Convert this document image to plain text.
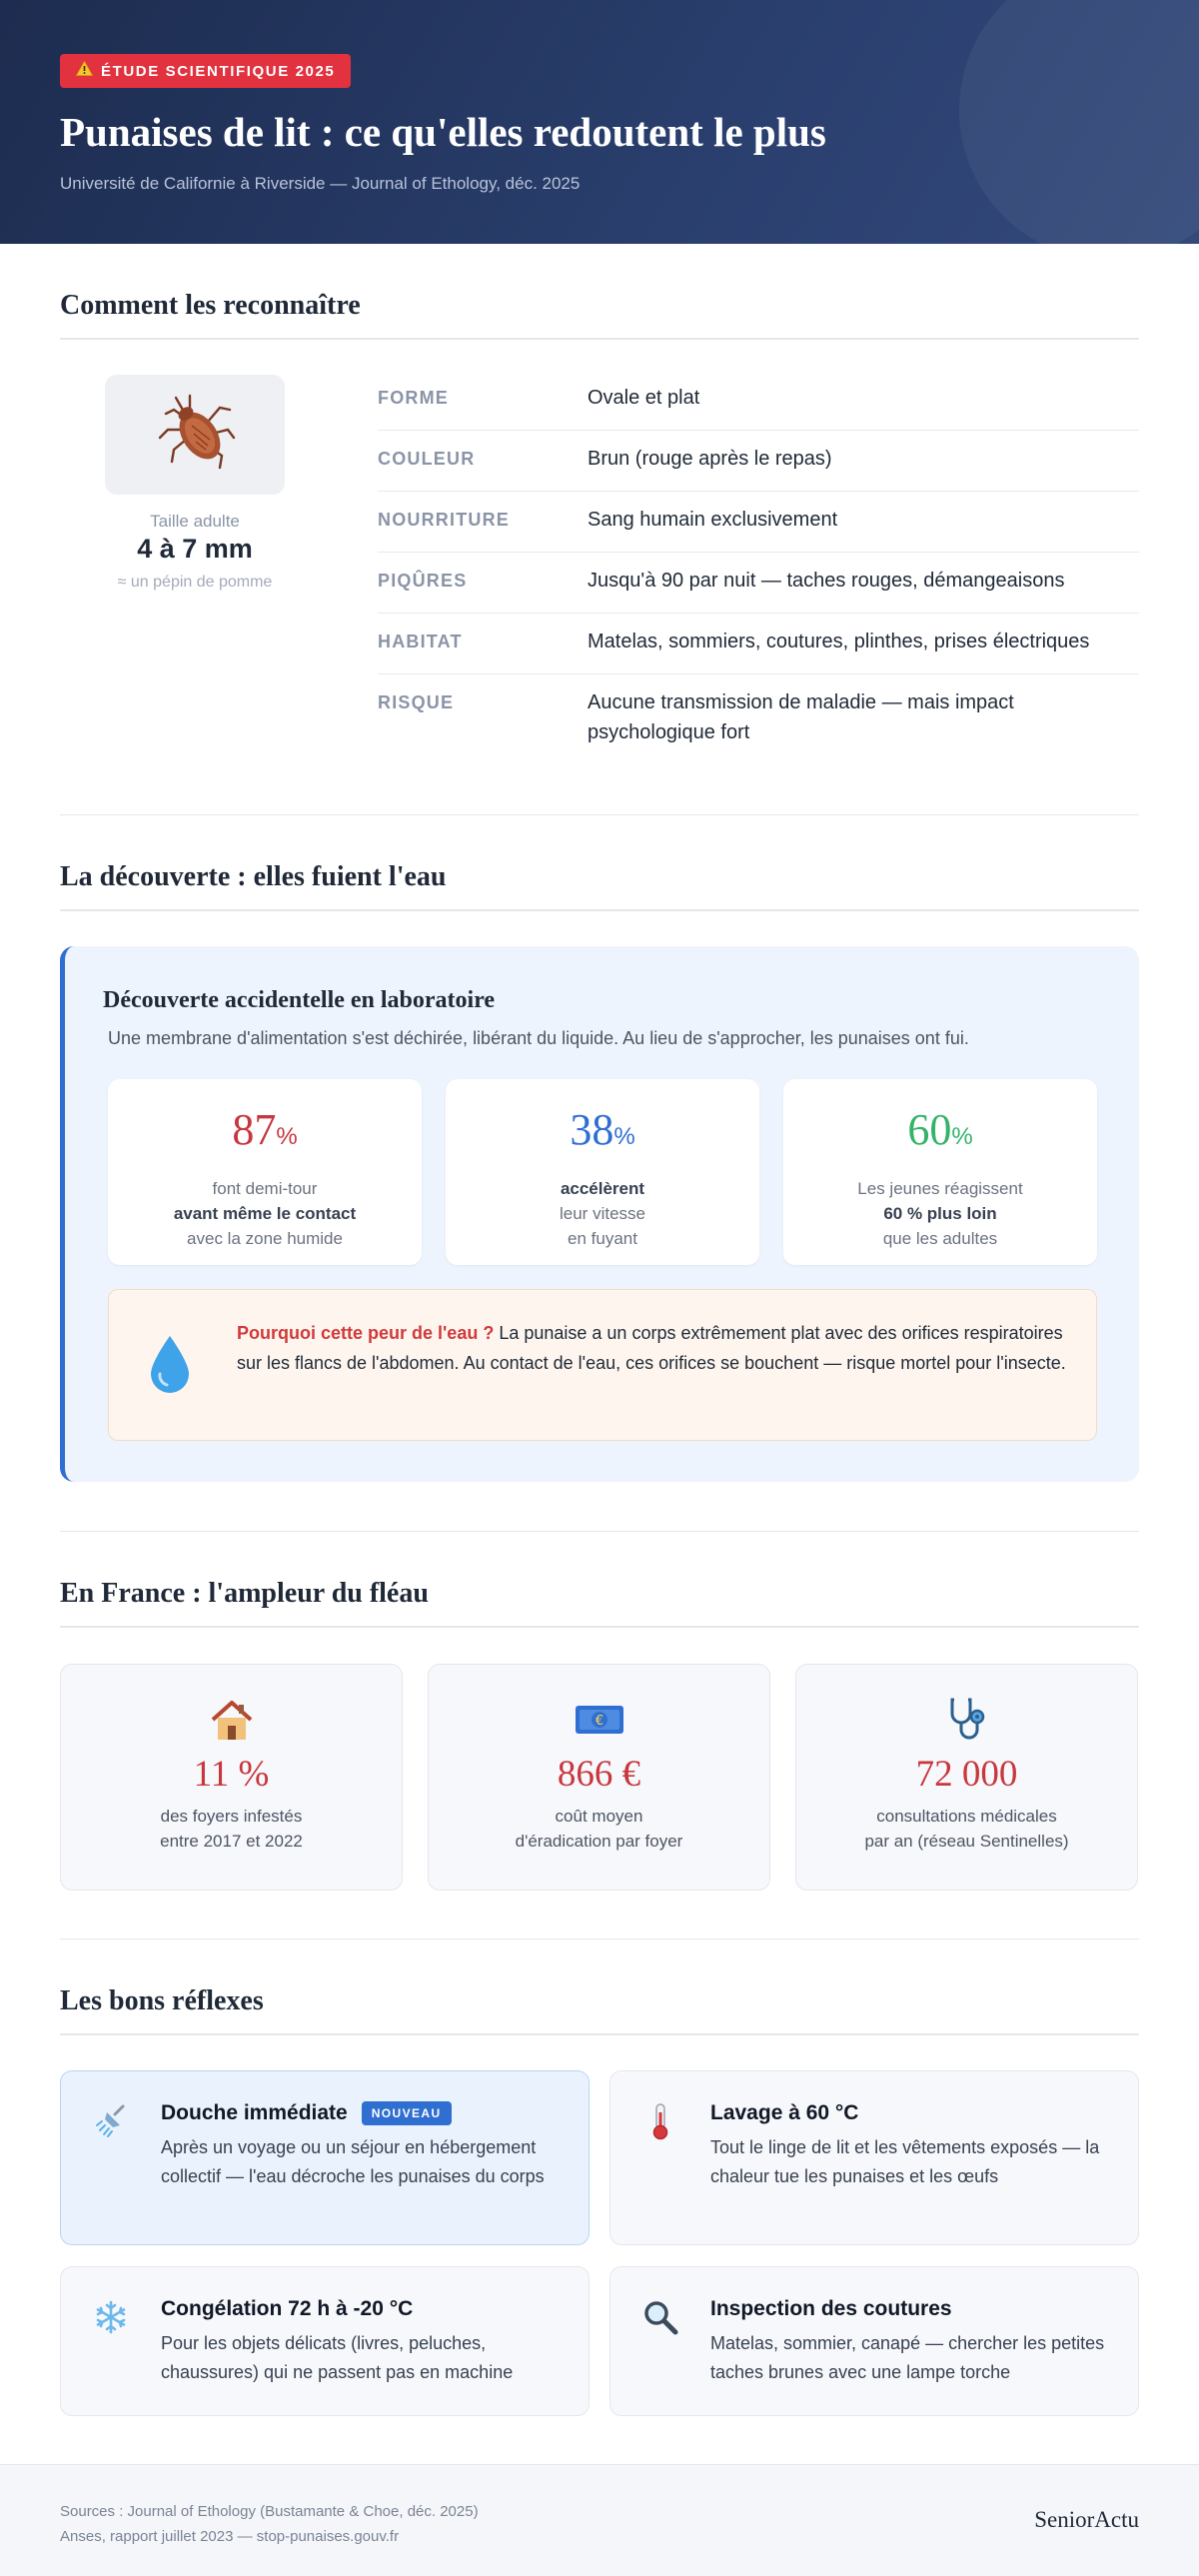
ÉTUDE SCIENTIFIQUE 2025
Punaises de lit : ce qu'elles redoutent le plus
Université de Californie à Riverside — Journal of Ethology, déc. 2025
Comment les reconnaître
Taille adulte
4 à 7 mm
≈ un pépin de pomme
FORME	Ovale et plat
COULEUR	Brun (rouge après le repas)
NOURRITURE	Sang humain exclusivement
PIQÛRES	Jusqu'à 90 par nuit — taches rouges, démangeaisons
HABITAT	Matelas, sommiers, coutures, plinthes, prises électriques
RISQUE	Aucune transmission de maladie — mais impact psychologique fort
La découverte : elles fuient l'eau
Découverte accidentelle en laboratoire
Une membrane d'alimentation s'est déchirée, libérant du liquide. Au lieu de s'approcher, les punaises ont fui.
87%
font demi-tour
avant même le contact
avec la zone humide
38%
accélèrent
leur vitesse
en fuyant
60%
Les jeunes réagissent
60 % plus loin
que les adultes
Pourquoi cette peur de l'eau ? La punaise a un corps extrêmement plat avec des orifices respiratoires sur les flancs de l'abdomen. Au contact de l'eau, ces orifices se bouchent — risque mortel pour l'insecte.
En France : l'ampleur du fléau
11 %
des foyers infestés
entre 2017 et 2022
€
866 €
coût moyen
d'éradication par foyer
72 000
consultations médicales
par an (réseau Sentinelles)
Les bons réflexes
Douche immédiate	NOUVEAU
Après un voyage ou un séjour en hébergement collectif — l'eau décroche les punaises du corps
Lavage à 60 °C
Tout le linge de lit et les vêtements exposés — la chaleur tue les punaises et les œufs
Congélation 72 h à -20 °C
Pour les objets délicats (livres, peluches, chaussures) qui ne passent pas en machine
Inspection des coutures
Matelas, sommier, canapé — chercher les petites taches brunes avec une lampe torche
Sources : Journal of Ethology (Bustamante & Choe, déc. 2025)
Anses, rapport juillet 2023 — stop-punaises.gouv.fr
SeniorActu
